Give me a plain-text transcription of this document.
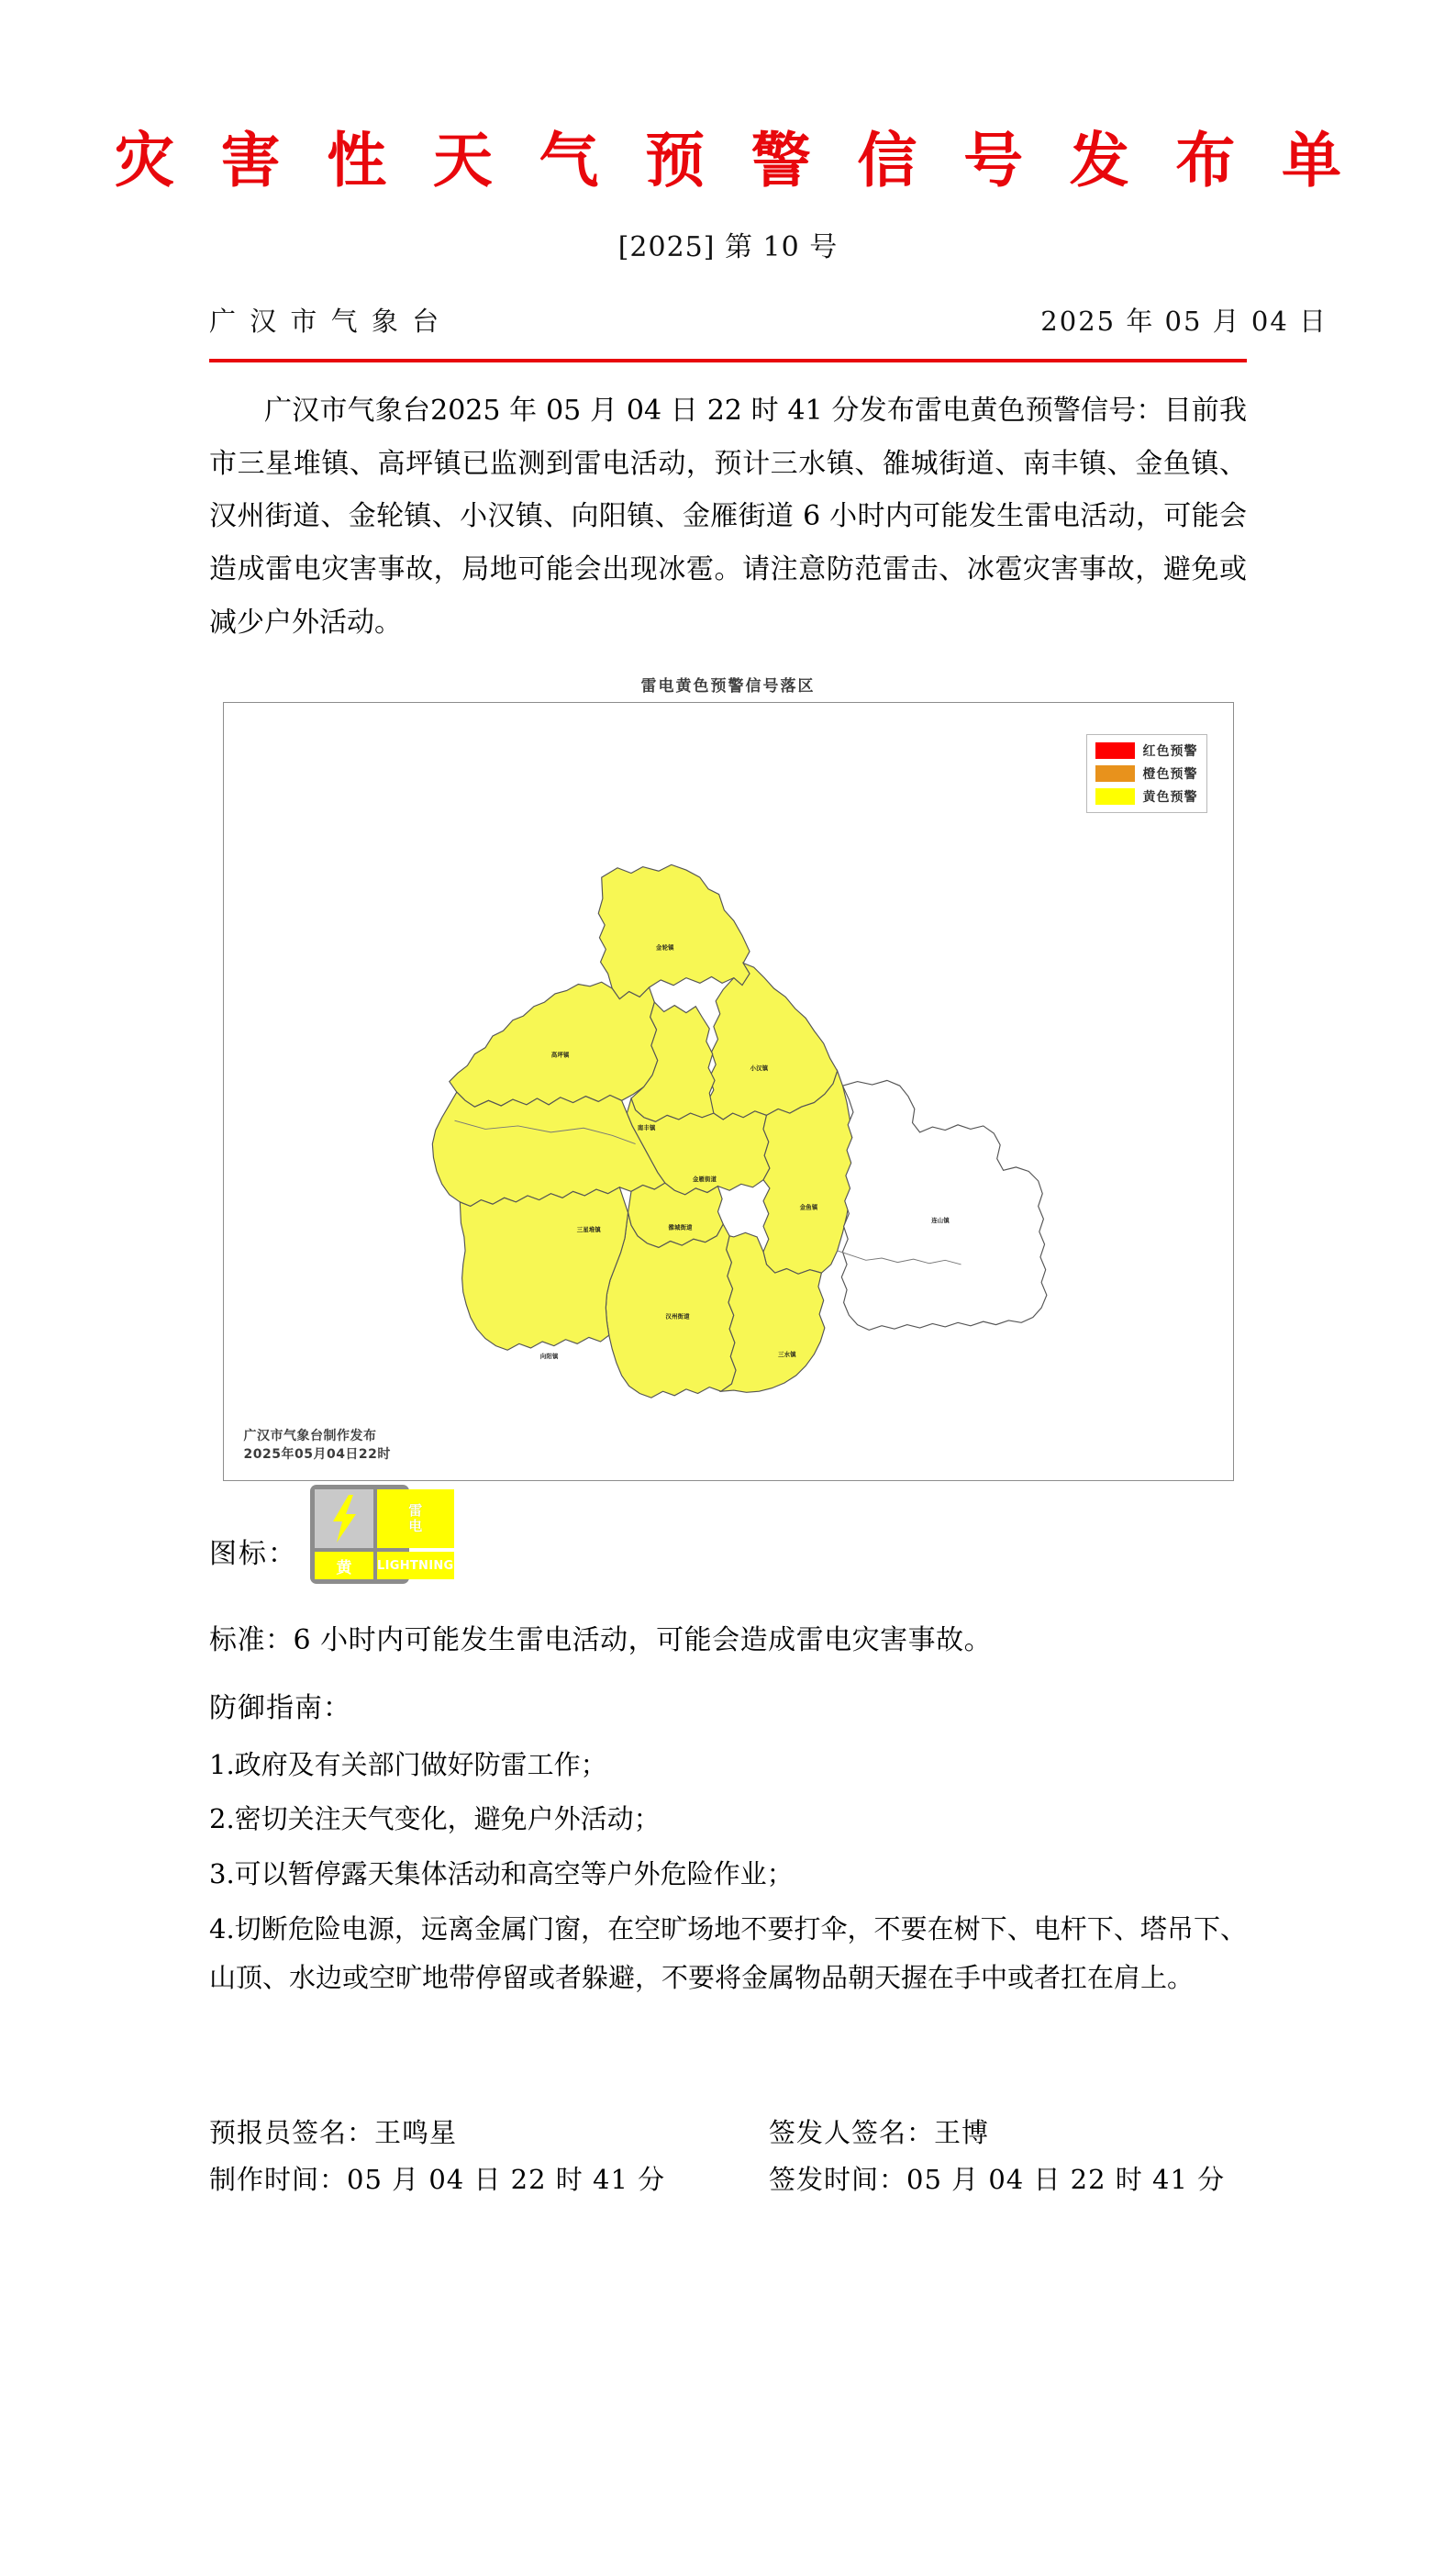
灾 害 性 天 气 预 警 信 号 发 布 单
[2025] 第 10 号
广 汉 市 气 象 台	2025 年 05 月 04 日

广汉市气象台2025 年 05 月 04 日 22 时 41 分发布雷电黄色预警信号：目前我市三星堆镇、高坪镇已监测到雷电活动，预计三水镇、雒城街道、南丰镇、金鱼镇、汉州街道、金轮镇、小汉镇、向阳镇、金雁街道 6 小时内可能发生雷电活动，可能会造成雷电灾害事故，局地可能会出现冰雹。请注意防范雷击、冰雹灾害事故，避免或减少户外活动。

雷电黄色预警信号落区
金轮镇
高坪镇
小汉镇
南丰镇
金雁街道
金鱼镇
三星堆镇	雒城街道
汉州街道
向阳镇	三水镇
连山镇
红色预警
橙色预警
黄色预警
广汉市气象台制作发布
2025年05月04日22时
图标：
雷
电
黄	LIGHTNING

标准：6 小时内可能发生雷电活动，可能会造成雷电灾害事故。

防御指南：

1.政府及有关部门做好防雷工作；
2.密切关注天气变化，避免户外活动；
3.可以暂停露天集体活动和高空等户外危险作业；
4.切断危险电源，远离金属门窗，在空旷场地不要打伞，不要在树下、电杆下、塔吊下、山顶、水边或空旷地带停留或者躲避，不要将金属物品朝天握在手中或者扛在肩上。
预报员签名：王鸣星	签发人签名：王博
制作时间：05 月 04 日 22 时 41 分	签发时间：05 月 04 日 22 时 41 分
